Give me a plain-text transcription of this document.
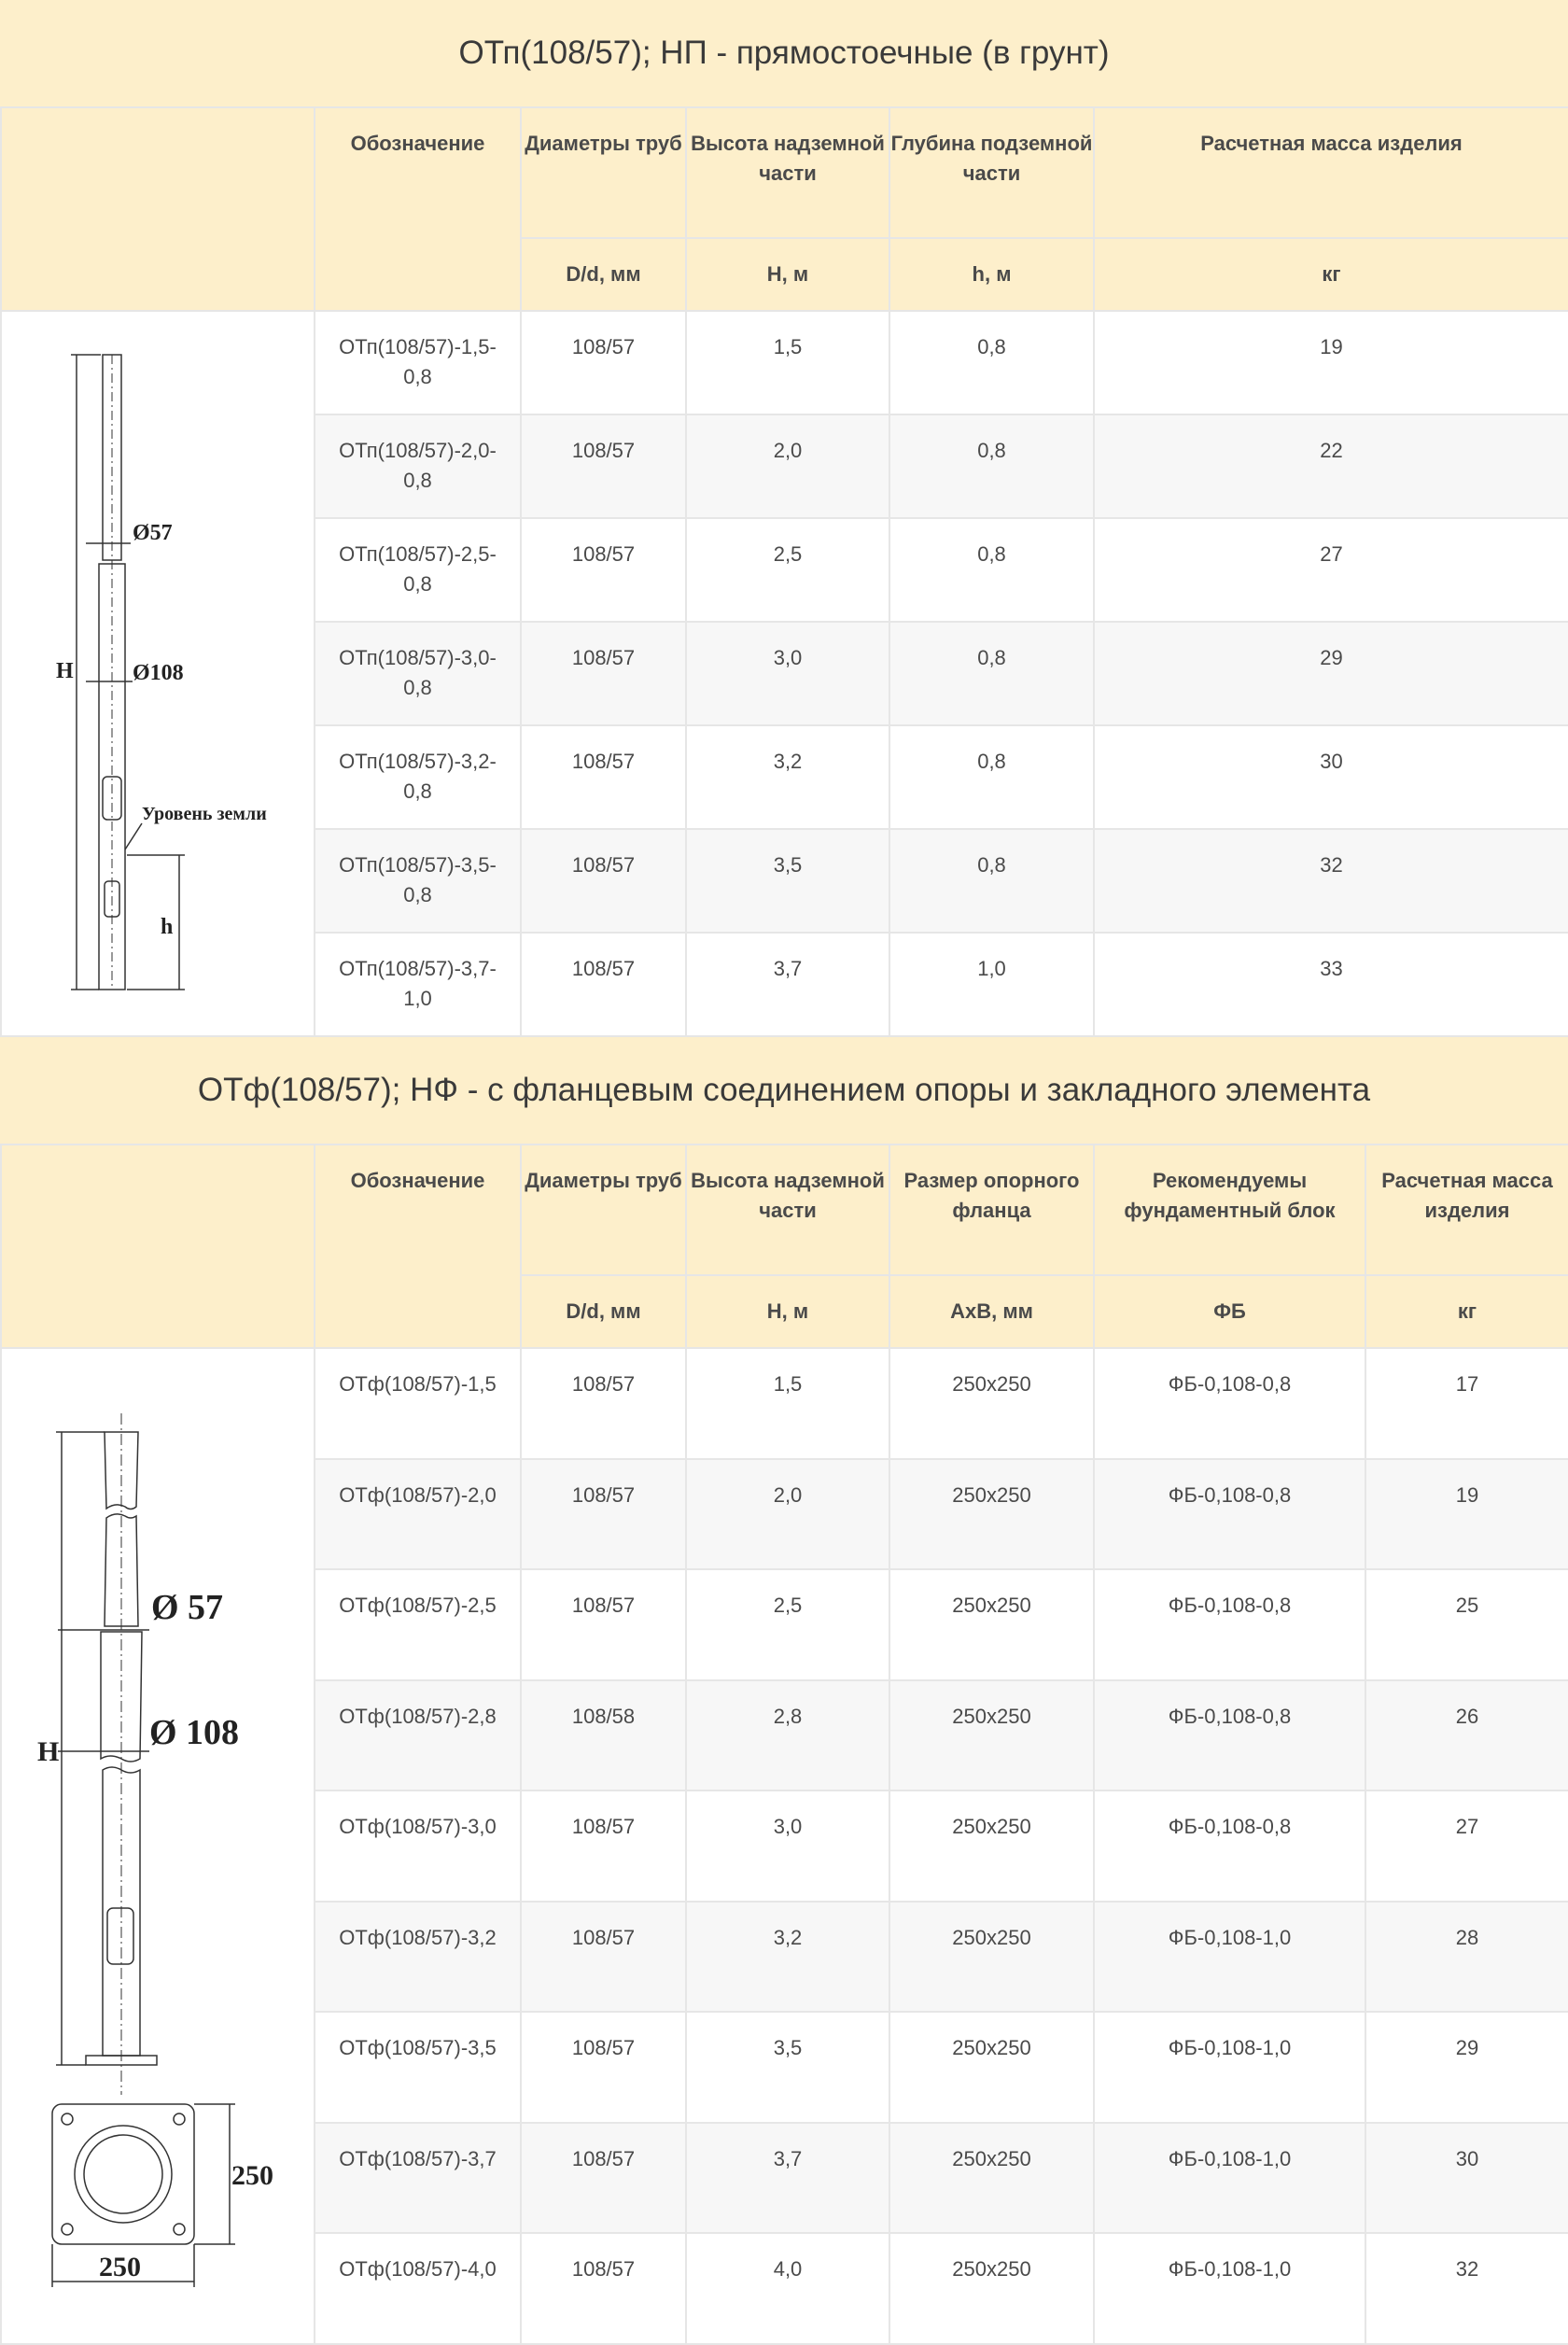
ОТп(108/57); НП - прямостоечные (в грунт)
	Обозначение	Диаметры труб	Высота надземной части	Глубина подземной части	Расчетная масса изделия
		D/d, мм	H, м	h, м	кг
	ОТп(108/57)-1,5-0,8	108/57	1,5	0,8	19
	ОТп(108/57)-2,0-0,8	108/57	2,0	0,8	22
	ОТп(108/57)-2,5-0,8	108/57	2,5	0,8	27
	ОТп(108/57)-3,0-0,8	108/57	3,0	0,8	29
	ОТп(108/57)-3,2-0,8	108/57	3,2	0,8	30
	ОТп(108/57)-3,5-0,8	108/57	3,5	0,8	32
	ОТп(108/57)-3,7-1,0	108/57	3,7	1,0	33
ОТф(108/57); НФ - с фланцевым соединением опоры и закладного элемента
	Обозначение	Диаметры труб	Высота надземной части	Размер опорного фланца	Рекомендуемы фундаментный блок	Расчетная масса изделия
		D/d, мм	H, м	AxB, мм	ФБ	кг
	ОТф(108/57)-1,5	108/57	1,5	250x250	ФБ-0,108-0,8	17
	ОТф(108/57)-2,0	108/57	2,0	250x250	ФБ-0,108-0,8	19
	ОТф(108/57)-2,5	108/57	2,5	250x250	ФБ-0,108-0,8	25
	ОТф(108/57)-2,8	108/58	2,8	250x250	ФБ-0,108-0,8	26
	ОТф(108/57)-3,0	108/57	3,0	250x250	ФБ-0,108-0,8	27
	ОТф(108/57)-3,2	108/57	3,2	250x250	ФБ-0,108-1,0	28
	ОТф(108/57)-3,5	108/57	3,5	250x250	ФБ-0,108-1,0	29
	ОТф(108/57)-3,7	108/57	3,7	250x250	ФБ-0,108-1,0	30
	ОТф(108/57)-4,0	108/57	4,0	250x250	ФБ-0,108-1,0	32
Ø57
Ø108
H
h
Уровень земли
Ø 57
Ø 108
H
250
250
